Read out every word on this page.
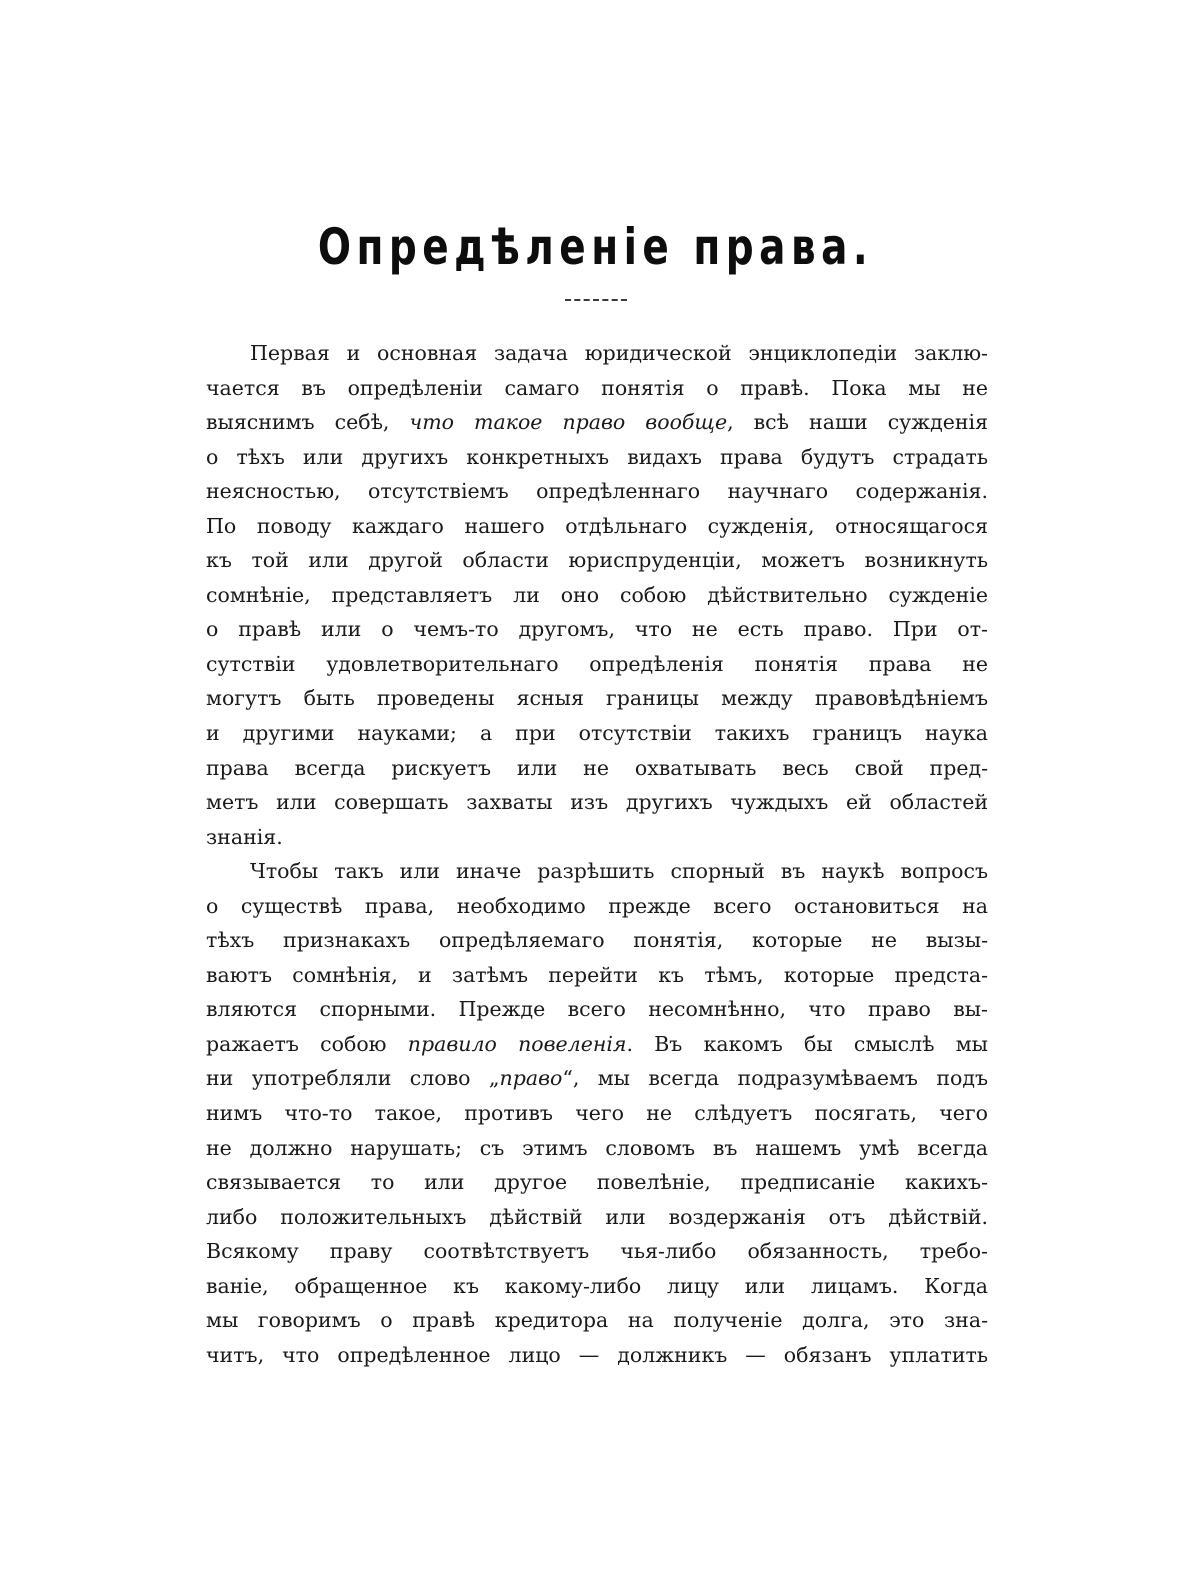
Опредѣленіе права.
Первая и основная задача юридической энциклопедіи заклю-
чается въ опредѣленіи самаго понятія о правѣ. Пока мы не
выяснимъ себѣ, что такое право вообще, всѣ наши сужденія
о тѣхъ или другихъ конкретныхъ видахъ права будутъ страдать
неясностью, отсутствіемъ опредѣленнаго научнаго содержанія.
По поводу каждаго нашего отдѣльнаго сужденія, относящагося
къ той или другой области юриспруденціи, можетъ возникнуть
сомнѣніе, представляетъ ли оно собою дѣйствительно сужденіе
о правѣ или о чемъ-то другомъ, что не есть право. При от-
сутствіи удовлетворительнаго опредѣленія понятія права не
могутъ быть проведены ясныя границы между правовѣдѣніемъ
и другими науками; а при отсутствіи такихъ границъ наука
права всегда рискуетъ или не охватывать весь свой пред-
метъ или совершать захваты изъ другихъ чуждыхъ ей областей
знанія.
Чтобы такъ или иначе разрѣшить спорный въ наукѣ вопросъ
о существѣ права, необходимо прежде всего остановиться на
тѣхъ признакахъ опредѣляемаго понятія, которые не вызы-
ваютъ сомнѣнія, и затѣмъ перейти къ тѣмъ, которые предста-
вляются спорными. Прежде всего несомнѣнно, что право вы-
ражаетъ собою правило повеленія. Въ какомъ бы смыслѣ мы
ни употребляли слово „право“, мы всегда подразумѣваемъ подъ
нимъ что-то такое, противъ чего не слѣдуетъ посягать, чего
не должно нарушать; съ этимъ словомъ въ нашемъ умѣ всегда
связывается то или другое повелѣніе, предписаніе какихъ-
либо положительныхъ дѣйствій или воздержанія отъ дѣйствій.
Всякому праву соотвѣтствуетъ чья-либо обязанность, требо-
ваніе, обращенное къ какому-либо лицу или лицамъ. Когда
мы говоримъ о правѣ кредитора на полученіе долга, это зна-
читъ, что опредѣленное лицо — должникъ — обязанъ уплатить
